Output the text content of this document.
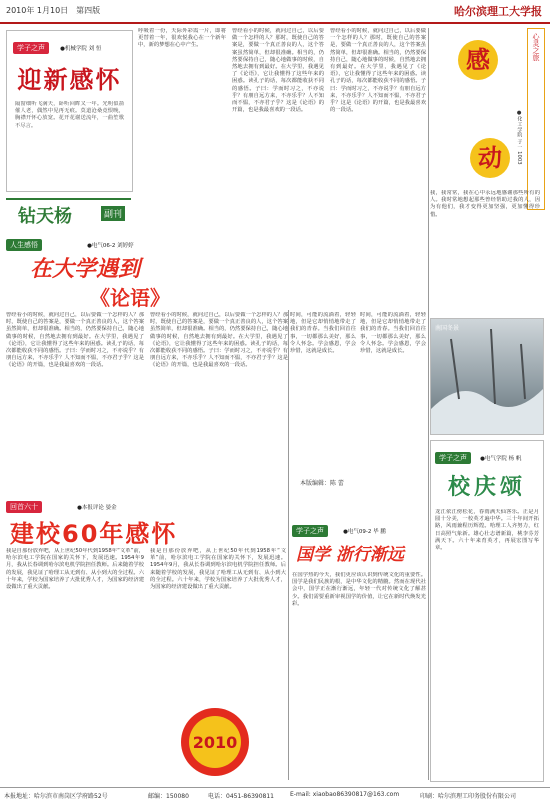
2010年 1月10日　第四版	哈尔滨理工大学报
学子之声	●机械学院 刘 恒
迎新感怀
隔窗细听飞满天，卧听回眸又一年。光明似箭催人老，偶然中见再无痕。莫道沧桑竟恨晚，胸襟开怀心放宽。花开花谢送流年，一曲笙歌不尽言。
钻天杨	副刊
人生感悟	●电气06-2 刘婷婷
在大学遇到
《论语》
曾经看小的时候，就问过自己，以后要做一个怎样的人？那时，既使自己的答案是，要做一个真正善良的人，这个答案虽然简单，但却很准确。相当的，仍然要保持自己，随心地做事的时候，自然地去拥有到最好。在大学里，我遇见了《论语》，它让我懂得了这些年来的困惑。读孔子的话，每次都能收获不同的感悟。子曰：学而时习之，不亦说乎？有朋自远方来，不亦乐乎？人不知而不愠，不亦君子乎？这是《论语》的开篇，也是我最喜欢的一段话。
曾经看小的时候，就问过自己，以后要做一个怎样的人？那时，既使自己的答案是，要做一个真正善良的人，这个答案虽然简单，但却很准确。相当的，仍然要保持自己，随心地做事的时候，自然地去拥有到最好。在大学里，我遇见了《论语》，它让我懂得了这些年来的困惑。读孔子的话，每次都能收获不同的感悟。子曰：学而时习之，不亦说乎？有朋自远方来，不亦乐乎？人不知而不愠，不亦君子乎？这是《论语》的开篇，也是我最喜欢的一段话。
呼吸着一份，天际外彩霞一片，即将更替着一年，很欢悦我心在一个新年中，新的梦想在心中产生。
曾经看小的时候，就问过自己，以后要做一个怎样的人？那时，既使自己的答案是，要做一个真正善良的人，这个答案虽然简单，但却很准确。相当的，仍然要保持自己，随心地做事的时候，自然地去拥有到最好。在大学里，我遇见了《论语》，它让我懂得了这些年来的困惑。读孔子的话，每次都能收获不同的感悟。子曰：学而时习之，不亦说乎？有朋自远方来，不亦乐乎？人不知而不愠，不亦君子乎？这是《论语》的开篇，也是我最喜欢的一段话。
曾经看小的时候，就问过自己，以后要做一个怎样的人？那时，既使自己的答案是，要做一个真正善良的人，这个答案虽然简单，但却很准确。相当的，仍然要保持自己，随心地做事的时候，自然地去拥有到最好。在大学里，我遇见了《论语》，它让我懂得了这些年来的困惑。读孔子的话，每次都能收获不同的感悟。子曰：学而时习之，不亦说乎？有朋自远方来，不亦乐乎？人不知而不愠，不亦君子乎？这是《论语》的开篇，也是我最喜欢的一段话。
心灵之旅
感
动	●化工学院 于一 1003
我，我常常，我在心中永远地感谢那些所有的人。我时常地想起那些曾经帮助过我的人，因为有他们，我才变得更加坚强，更加懂得珍惜。
南国冬景
时间，可能的流淌着，轻轻地，但是它却悄悄地带走了我们的青春。当我们回首往事，一切都那么美好，那么令人怀念。学会感恩，学会珍惜，这就是成长。
时间，可能的流淌着，轻轻地，但是它却悄悄地带走了我们的青春。当我们回首往事，一切都那么美好，那么令人怀念。学会感恩，学会珍惜，这就是成长。
本版编辑：陈 蕾
学子之声 ●电气学院 杨 帆
校庆颂
龙江依江傍松花，春雨满天仙客乐。正是月圆十分美，一校英才遍中华。三十年间开拓路，风雨兼程历辉煌。哈理工人齐努力，红日高照气象新。雄心壮志谱新篇，桃李芬芳满天下。六十年来育英才，再展宏图写华章。
回首六十	●本报评论 晏金
建校60年感怀
我是自那份放弃吧，从上世纪50年代到1958年“文革”前，哈尔滨电工学院在国家的关怀下，发展迅速。1954年9月，我从长春调到哈尔滨电机学院担任教师。后来随着学校的发展，我见证了哈理工从无到有、从小到大的全过程。六十年来，学校为国家培养了大批优秀人才，为国家的经济建设做出了重大贡献。
我是自那份放弃吧，从上世纪50年代到1958年“文革”前，哈尔滨电工学院在国家的关怀下，发展迅速。1954年9月，我从长春调到哈尔滨电机学院担任教师。后来随着学校的发展，我见证了哈理工从无到有、从小到大的全过程。六十年来，学校为国家培养了大批优秀人才，为国家的经济建设做出了重大贡献。
2010
学子之声	●电气09-2 毕 鹏
国学 浙行渐远
在国学热的今天，我们更应该认识到传统文化的重要性。国学是我们民族的根，是中华文化的精髓。然而在现代社会中，国学正在渐行渐远，年轻一代对传统文化了解甚少。我们需要重新审视国学的价值，让它在新时代焕发光彩。
本报地址：哈尔滨市南岗区学府路52号	邮编：150080	电话：0451-86390811	E-mail: xiaobao86390817@163.com	印刷：哈尔滨理工印务股份有限公司
